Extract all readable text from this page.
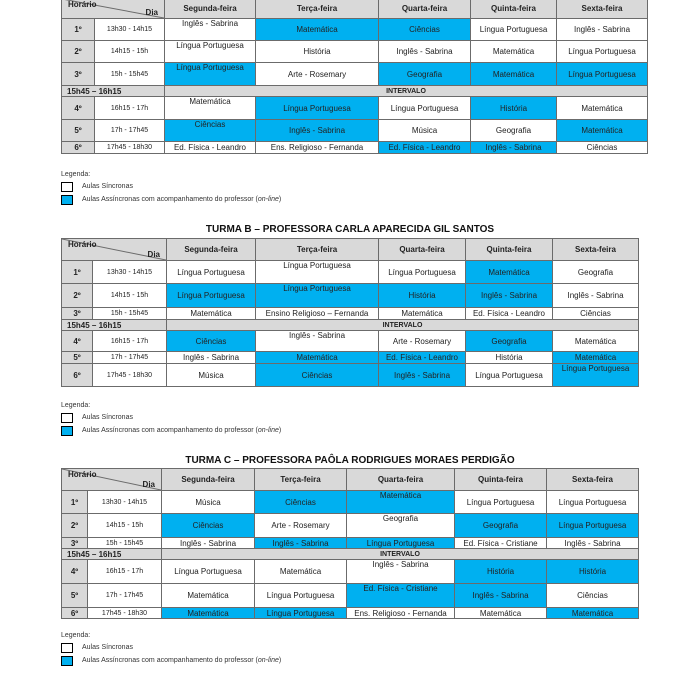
Horário
Dia		Segunda-feira	Terça-feira	Quarta-feira	Quinta-feira	Sexta-feira
1º	13h30 - 14h15	Inglês - Sabrina	Matemática	Ciências	Língua Portuguesa	Inglês - Sabrina
2º	14h15 - 15h	Língua Portuguesa	História	Inglês - Sabrina	Matemática	Língua Portuguesa
3º	15h - 15h45	Língua Portuguesa	Arte - Rosemary	Geografia	Matemática	Língua Portuguesa
15h45 – 16h15		INTERVALO				
4º	16h15 - 17h	Matemática	Língua Portuguesa	Língua Portuguesa	História	Matemática
5º	17h - 17h45	Ciências	Inglês - Sabrina	Música	Geografia	Matemática
6º	17h45 - 18h30	Ed. Física - Leandro	Ens. Religioso - Fernanda	Ed. Física - Leandro	Inglês - Sabrina	Ciências
Legenda:
Aulas Síncronas
Aulas Assíncronas com acompanhamento do professor (on-line)
TURMA B – PROFESSORA CARLA APARECIDA GIL SANTOS
Horário
Dia		Segunda-feira	Terça-feira	Quarta-feira	Quinta-feira	Sexta-feira
1º	13h30 - 14h15	Língua Portuguesa	Língua Portuguesa	Língua Portuguesa	Matemática	Geografia
2º	14h15 - 15h	Língua Portuguesa	Língua Portuguesa	História	Inglês - Sabrina	Inglês - Sabrina
3º	15h - 15h45	Matemática	Ensino Religioso – Fernanda	Matemática	Ed. Física - Leandro	Ciências
15h45 – 16h15		INTERVALO				
4º	16h15 - 17h	Ciências	Inglês - Sabrina	Arte - Rosemary	Geografia	Matemática
5º	17h - 17h45	Inglês - Sabrina	Matemática	Ed. Física - Leandro	História	Matemática
6º	17h45 - 18h30	Música	Ciências	Inglês - Sabrina	Língua Portuguesa	Língua Portuguesa
Legenda:
Aulas Síncronas
Aulas Assíncronas com acompanhamento do professor (on-line)
TURMA C – PROFESSORA PAÔLA RODRIGUES MORAES PERDIGÃO
Horário
Dia		Segunda-feira	Terça-feira	Quarta-feira	Quinta-feira	Sexta-feira
1º	13h30 - 14h15	Música	Ciências	Matemática	Língua Portuguesa	Língua Portuguesa
2º	14h15 - 15h	Ciências	Arte - Rosemary	Geografia	Geografia	Língua Portuguesa
3º	15h - 15h45	Inglês - Sabrina	Inglês - Sabrina	Língua Portuguesa	Ed. Física - Cristiane	Inglês - Sabrina
15h45 – 16h15		INTERVALO				
4º	16h15 - 17h	Língua Portuguesa	Matemática	Inglês - Sabrina	História	História
5º	17h - 17h45	Matemática	Língua Portuguesa	Ed. Física - Cristiane	Inglês - Sabrina	Ciências
6º	17h45 - 18h30	Matemática	Língua Portuguesa	Ens. Religioso - Fernanda	Matemática	Matemática
Legenda:
Aulas Síncronas
Aulas Assíncronas com acompanhamento do professor (on-line)
